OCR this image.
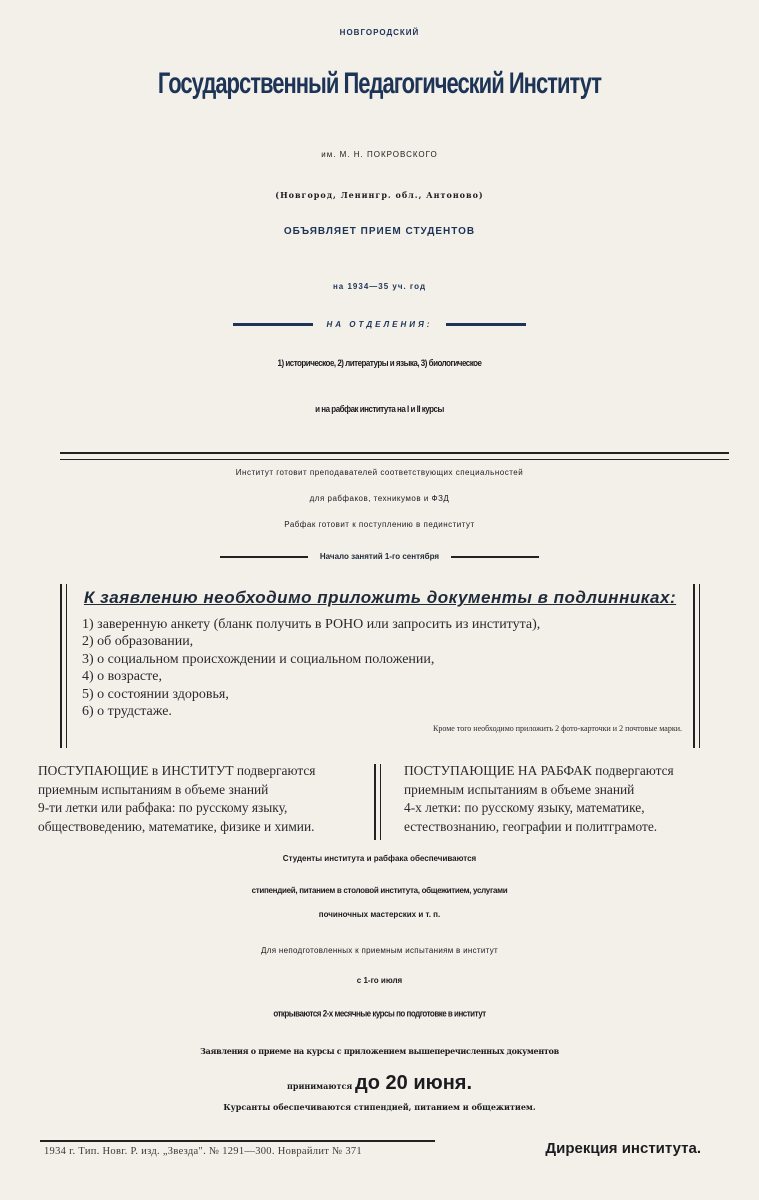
НОВГОРОДСКИЙ
Государственный Педагогический Институт
им. М. Н. ПОКРОВСКОГО
(Новгород, Ленингр. обл., Антоново)
ОБЪЯВЛЯЕТ ПРИЕМ СТУДЕНТОВ
на 1934—35 уч. год
НА ОТДЕЛЕНИЯ:
1) историческое, 2) литературы и языка, 3) биологическое
и на рабфак института на I и II курсы
Институт готовит преподавателей соответствующих специальностей
для рабфаков, техникумов и ФЗД
Рабфак готовит к поступлению в пединститут
Начало занятий 1-го сентября
К заявлению необходимо приложить документы в подлинниках:
1) заверенную анкету (бланк получить в РОНО или запросить из института),
2) об образовании,
3) о социальном происхождении и социальном положении,
4) о возрасте,
5) о состоянии здоровья,
6) о трудстаже.
Кроме того необходимо приложить 2 фото-карточки и 2 почтовые марки.
ПОСТУПАЮЩИЕ в ИНСТИТУТ подвергаются
приемным испытаниям в объеме знаний
9-ти летки или рабфака: по русскому языку,
обществоведению, математике, физике и химии.
ПОСТУПАЮЩИЕ НА РАБФАК подвергаются
приемным испытаниям в объеме знаний
4-х летки: по русскому языку, математике,
естествознанию, географии и политграмоте.
Студенты института и рабфака обеспечиваются
стипендией, питанием в столовой института, общежитием, услугами
починочных мастерских и т. п.
Для неподготовленных к приемным испытаниям в институт
с 1-го июля
открываются 2-х месячные курсы по подготовке в институт
Заявления о приеме на курсы с приложением вышеперечисленных документов
принимаются до 20 июня.
Курсанты обеспечиваются стипендией, питанием и общежитием.
1934 г. Тип. Новг. Р. изд. „Звезда". № 1291—300. Новрайлит № 371	Дирекция института.
